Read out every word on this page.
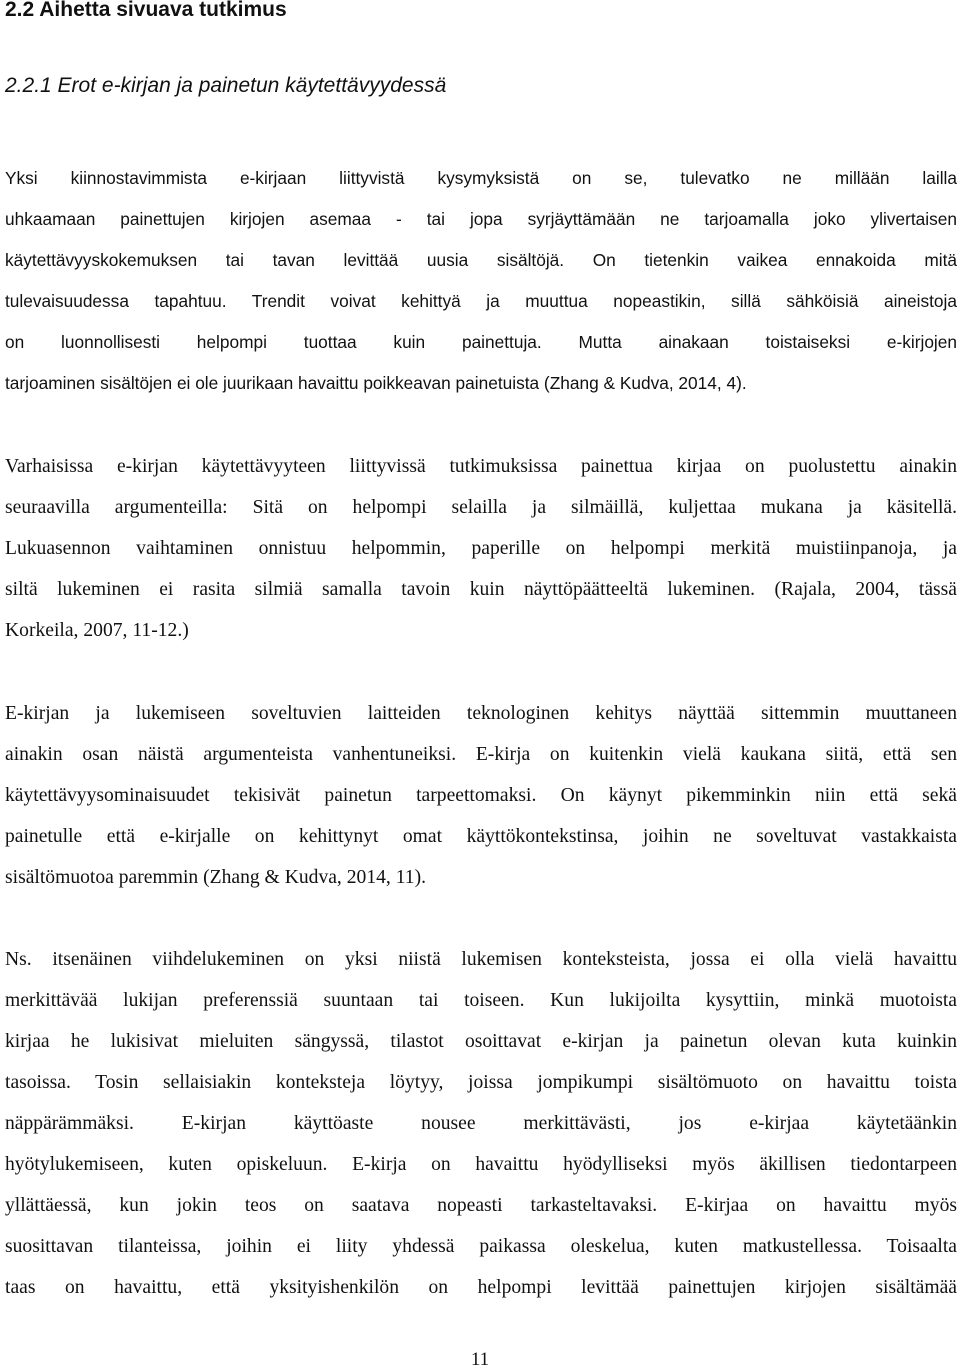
2.2 Aihetta sivuava tutkimus
2.2.1 Erot e-kirjan ja painetun käytettävyydessä
Yksi kiinnostavimmista e-kirjaan liittyvistä kysymyksistä on se, tulevatko ne millään lailla
uhkaamaan painettujen kirjojen asemaa - tai jopa syrjäyttämään ne tarjoamalla joko ylivertaisen
käytettävyyskokemuksen tai tavan levittää uusia sisältöjä. On tietenkin vaikea ennakoida mitä
tulevaisuudessa tapahtuu. Trendit voivat kehittyä ja muuttua nopeastikin, sillä sähköisiä aineistoja
on luonnollisesti helpompi tuottaa kuin painettuja. Mutta ainakaan toistaiseksi e-kirjojen
tarjoaminen sisältöjen ei ole juurikaan havaittu poikkeavan painetuista (Zhang & Kudva, 2014, 4).
Varhaisissa e-kirjan käytettävyyteen liittyvissä tutkimuksissa painettua kirjaa on puolustettu ainakin
seuraavilla argumenteilla: Sitä on helpompi selailla ja silmäillä, kuljettaa mukana ja käsitellä.
Lukuasennon vaihtaminen onnistuu helpommin, paperille on helpompi merkitä muistiinpanoja, ja
siltä lukeminen ei rasita silmiä samalla tavoin kuin näyttöpäätteeltä lukeminen. (Rajala, 2004, tässä
Korkeila, 2007, 11-12.)
E-kirjan ja lukemiseen soveltuvien laitteiden teknologinen kehitys näyttää sittemmin muuttaneen
ainakin osan näistä argumenteista vanhentuneiksi. E-kirja on kuitenkin vielä kaukana siitä, että sen
käytettävyysominaisuudet tekisivät painetun tarpeettomaksi. On käynyt pikemminkin niin että sekä
painetulle että e-kirjalle on kehittynyt omat käyttökontekstinsa, joihin ne soveltuvat vastakkaista
sisältömuotoa paremmin (Zhang & Kudva, 2014, 11).
Ns. itsenäinen viihdelukeminen on yksi niistä lukemisen konteksteista, jossa ei olla vielä havaittu
merkittävää lukijan preferenssiä suuntaan tai toiseen. Kun lukijoilta kysyttiin, minkä muotoista
kirjaa he lukisivat mieluiten sängyssä, tilastot osoittavat e-kirjan ja painetun olevan kuta kuinkin
tasoissa. Tosin sellaisiakin konteksteja löytyy, joissa jompikumpi sisältömuoto on havaittu toista
näppärämmäksi. E-kirjan käyttöaste nousee merkittävästi, jos e-kirjaa käytetäänkin
hyötylukemiseen, kuten opiskeluun. E-kirja on havaittu hyödylliseksi myös äkillisen tiedontarpeen
yllättäessä, kun jokin teos on saatava nopeasti tarkasteltavaksi. E-kirjaa on havaittu myös
suosittavan tilanteissa, joihin ei liity yhdessä paikassa oleskelua, kuten matkustellessa. Toisaalta
taas on havaittu, että yksityishenkilön on helpompi levittää painettujen kirjojen sisältämää
11
